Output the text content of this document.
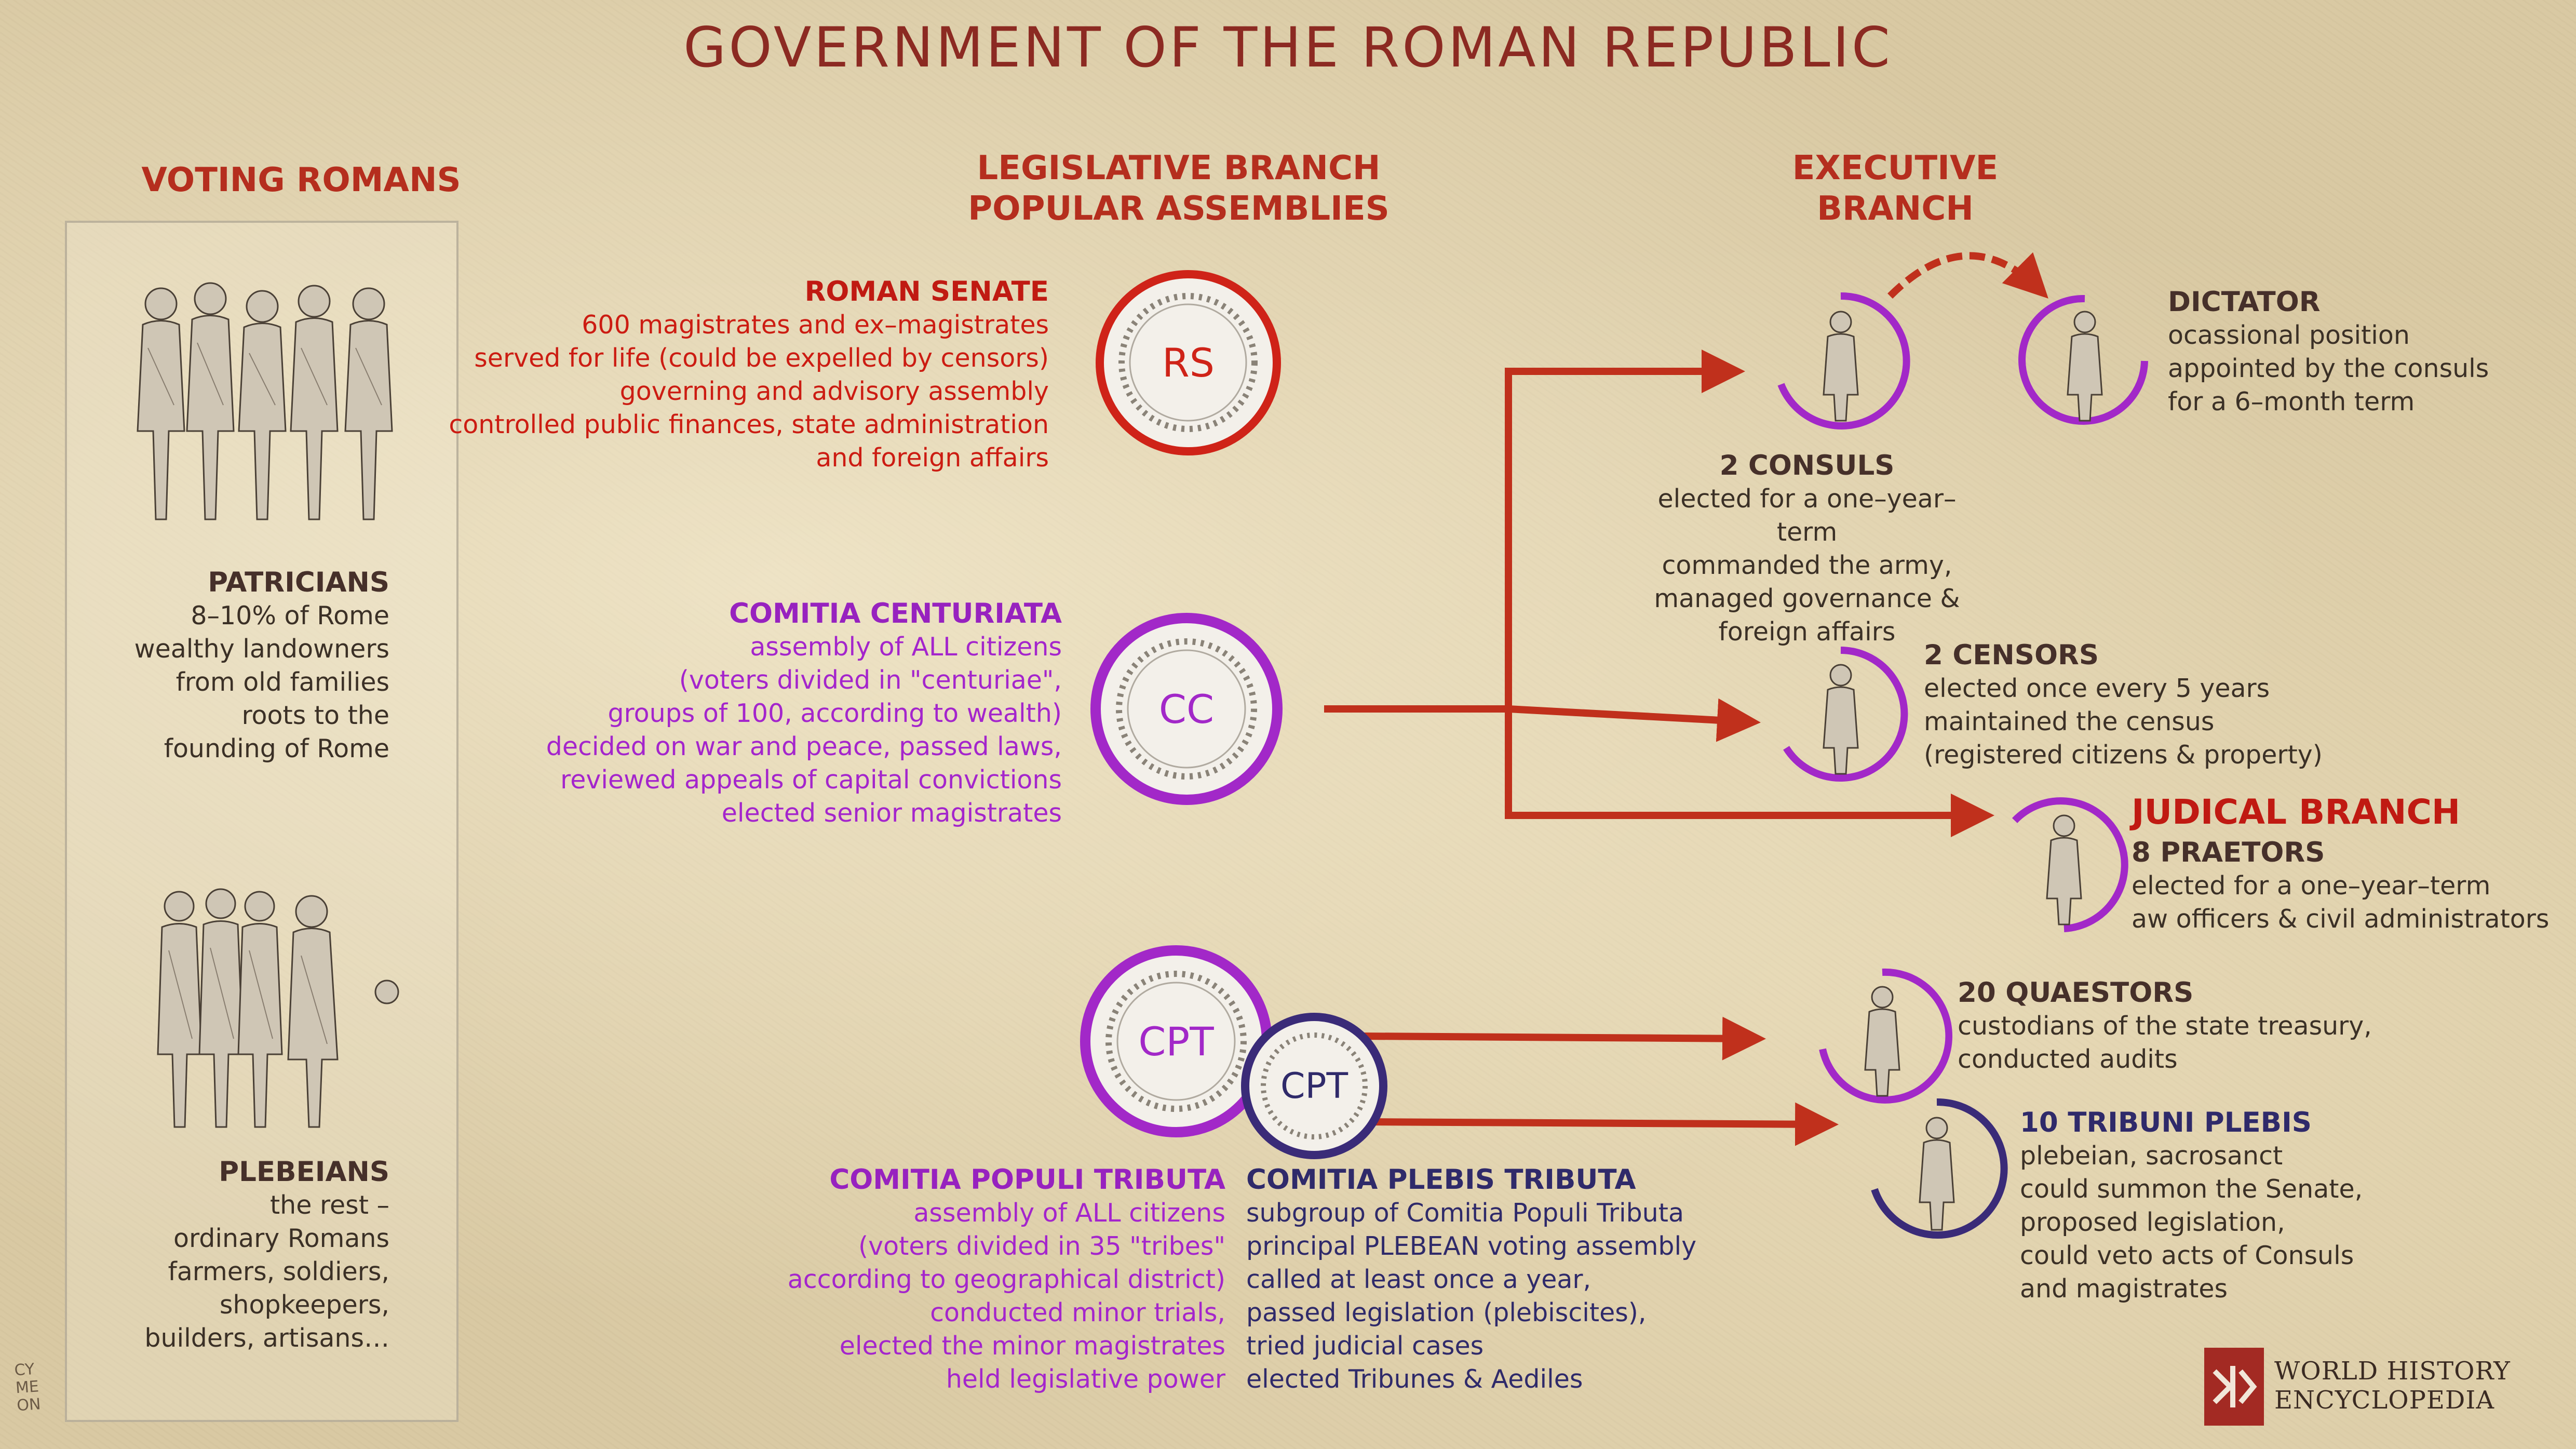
GOVERNMENT OF THE ROMAN REPUBLIC
VOTING ROMANS	LEGISLATIVE BRANCH
POPULAR ASSEMBLIES
EXECUTIVE
BRANCH
PATRICIANS
8–10% of Rome
wealthy landowners
from old families
roots to the
founding of Rome
PLEBEIANS
the rest –
ordinary Romans
farmers, soldiers,
shopkeepers,
builders, artisans…
CY
ME
ON
RS
CC
CPT
CPT
ROMAN SENATE
600 magistrates and ex–magistrates
served for life (could be expelled by censors)
governing and advisory assembly
controlled public finances, state administration
and foreign affairs
COMITIA CENTURIATA
assembly of ALL citizens
(voters divided in "centuriae",
groups of 100, according to wealth)
decided on war and peace, passed laws,
reviewed appeals of capital convictions
elected senior magistrates
COMITIA POPULI TRIBUTA
assembly of ALL citizens
(voters divided in 35 "tribes"
according to geographical district)
conducted minor trials,
elected the minor magistrates
held legislative power
COMITIA PLEBIS TRIBUTA
subgroup of Comitia Populi Tributa
principal PLEBEAN voting assembly
called at least once a year,
passed legislation (plebiscites),
tried judicial cases
elected Tribunes & Aediles
2 CONSULS
elected for a one–year–term
commanded the army,
managed governance &
foreign affairs
DICTATOR
ocassional position
appointed by the consuls
for a 6–month term
2 CENSORS
elected once every 5 years
maintained the census
(registered citizens & property)
JUDICAL BRANCH
8 PRAETORS
elected for a one–year–term
aw officers & civil administrators
20 QUAESTORS
custodians of the state treasury,
conducted audits
10 TRIBUNI PLEBIS
plebeian, sacrosanct
could summon the Senate,
proposed legislation,
could veto acts of Consuls
and magistrates
WORLD HISTORY
ENCYCLOPEDIA
